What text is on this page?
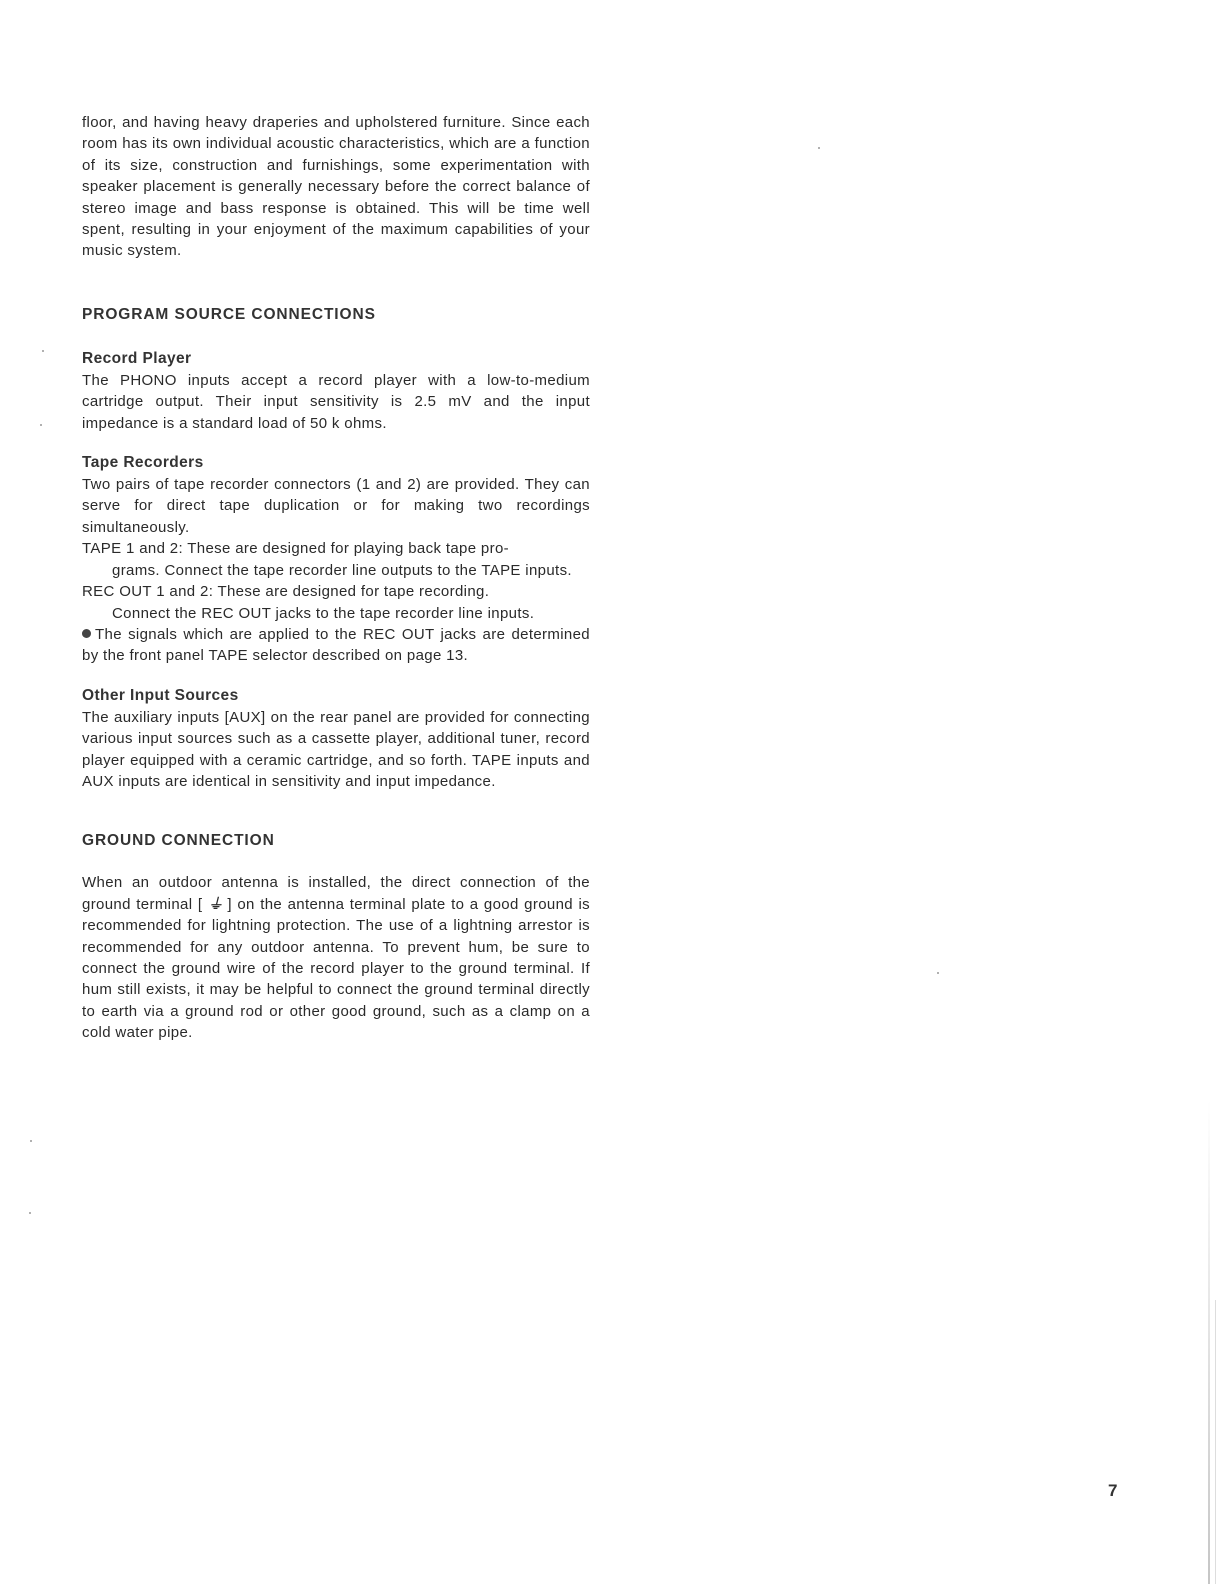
floor, and having heavy draperies and upholstered furniture. Since each room has its own individual acoustic characteristics, which are a function of its size, construction and furnishings, some experimentation with speaker placement is generally necessary before the correct balance of stereo image and bass response is obtained. This will be time well spent, resulting in your enjoyment of the maximum capabilities of your music system.

PROGRAM SOURCE CONNECTIONS
Record Player

The PHONO inputs accept a record player with a low-to-medium cartridge output. Their input sensitivity is 2.5 mV and the input impedance is a standard load of 50 k ohms.

Tape Recorders

Two pairs of tape recorder connectors (1 and 2) are provided. They can serve for direct tape duplication or for making two recordings simultaneously.

TAPE 1 and 2: These are designed for playing back tape pro-

grams. Connect the tape recorder line outputs to the TAPE inputs.

REC OUT 1 and 2: These are designed for tape recording.

Connect the REC OUT jacks to the tape recorder line inputs.

The signals which are applied to the REC OUT jacks are determined by the front panel TAPE selector described on page 13.

Other Input Sources

The auxiliary inputs [AUX] on the rear panel are provided for connecting various input sources such as a cassette player, additional tuner, record player equipped with a ceramic cartridge, and so forth. TAPE inputs and AUX inputs are identical in sensitivity and input impedance.

GROUND CONNECTION

When an outdoor antenna is installed, the direct connection of the ground terminal [ ⏚ ] on the antenna terminal plate to a good ground is recommended for lightning protection. The use of a lightning arrestor is recommended for any outdoor antenna. To prevent hum, be sure to connect the ground wire of the record player to the ground terminal. If hum still exists, it may be helpful to connect the ground terminal directly to earth via a ground rod or other good ground, such as a clamp on a cold water pipe.

7
